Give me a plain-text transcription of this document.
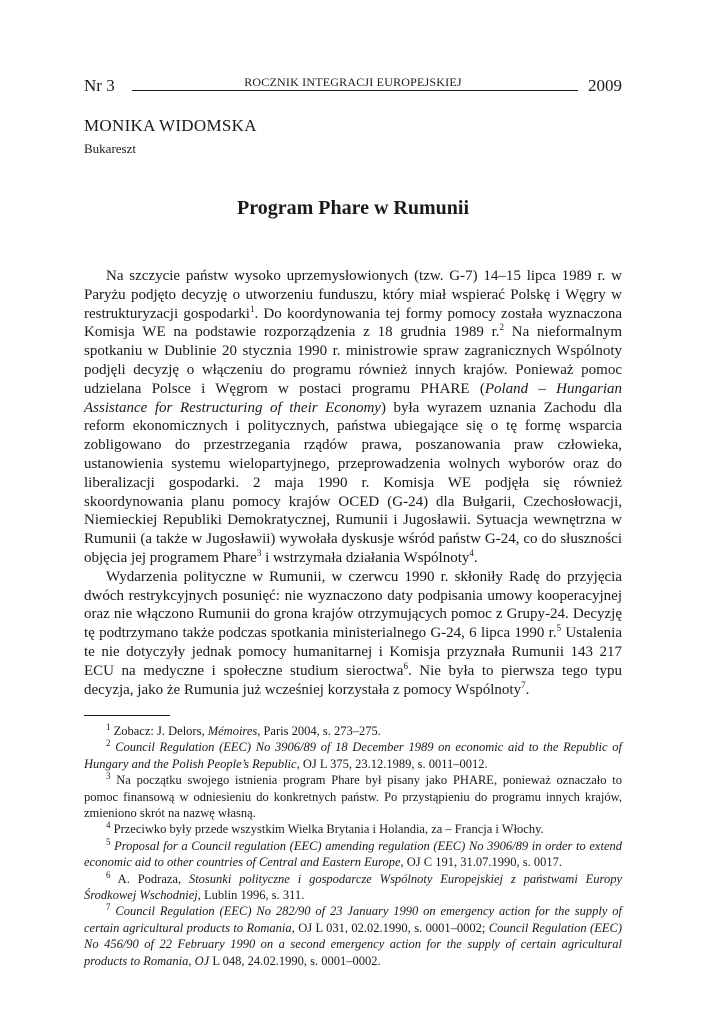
Nr 3	ROCZNIK INTEGRACJI EUROPEJSKIEJ	2009
MONIKA WIDOMSKA
Bukareszt
Program Phare w Rumunii

Na szczycie państw wysoko uprzemysłowionych (tzw. G-7) 14–15 lipca 1989 r. w Paryżu podjęto decyzję o utworzeniu funduszu, który miał wspierać Polskę i Węgry w restrukturyzacji gospodarki$^1$. Do koordynowania tej formy pomocy została wyznaczona Komisja WE na podstawie rozporządzenia z 18 grudnia 1989 r.$^2$ Na nieformalnym spotkaniu w Dublinie 20 stycznia 1990 r. ministrowie spraw zagranicznych Wspólnoty podjęli decyzję o włączeniu do programu również innych krajów. Ponieważ pomoc udzielana Polsce i Węgrom w postaci programu PHARE (Poland – Hungarian Assistance for Restructuring of their Economy) była wyrazem uznania Zachodu dla reform ekonomicznych i politycznych, państwa ubiegające się o tę formę wsparcia zobligowano do przestrzegania rządów prawa, poszanowania praw człowieka, ustanowienia systemu wielopartyjnego, przeprowadzenia wolnych wyborów oraz do liberalizacji gospodarki. 2 maja 1990 r. Komisja WE podjęła się również skoordynowania planu pomocy krajów OCED (G-24) dla Bułgarii, Czechosłowacji, Niemieckiej Republiki Demokratycznej, Rumunii i Jugosławii. Sytuacja wewnętrzna w Rumunii (a także w Jugosławii) wywołała dyskusje wśród państw G-24, co do słuszności objęcia jej programem Phare$^3$ i wstrzymała działania Wspólnoty$^4$.

Wydarzenia polityczne w Rumunii, w czerwcu 1990 r. skłoniły Radę do przyjęcia dwóch restrykcyjnych posunięć: nie wyznaczono daty podpisania umowy kooperacyjnej oraz nie włączono Rumunii do grona krajów otrzymujących pomoc z Grupy-24. Decyzję tę podtrzymano także podczas spotkania ministerialnego G-24, 6 lipca 1990 r.$^5$ Ustalenia te nie dotyczyły jednak pomocy humanitarnej i Komisja przyznała Rumunii 143 217 ECU na medyczne i społeczne studium sieroctwa$^6$. Nie była to pierwsza tego typu decyzja, jako że Rumunia już wcześniej korzystała z pomocy Wspólnoty$^7$.

$^1$ Zobacz: J. Delors, Mémoires, Paris 2004, s. 273–275.

$^2$ Council Regulation (EEC) No 3906/89 of 18 December 1989 on economic aid to the Republic of Hungary and the Polish People’s Republic, OJ L 375, 23.12.1989, s. 0011–0012.

$^3$ Na początku swojego istnienia program Phare był pisany jako PHARE, ponieważ oznaczało to pomoc finansową w odniesieniu do konkretnych państw. Po przystąpieniu do programu innych krajów, zmieniono skrót na nazwę własną.

$^4$ Przeciwko były przede wszystkim Wielka Brytania i Holandia, za – Francja i Włochy.

$^5$ Proposal for a Council regulation (EEC) amending regulation (EEC) No 3906/89 in order to extend economic aid to other countries of Central and Eastern Europe, OJ C 191, 31.07.1990, s. 0017.

$^6$ A. Podraza, Stosunki polityczne i gospodarcze Wspólnoty Europejskiej z państwami Europy Środkowej Wschodniej, Lublin 1996, s. 311.

$^7$ Council Regulation (EEC) No 282/90 of 23 January 1990 on emergency action for the supply of certain agricultural products to Romania, OJ L 031, 02.02.1990, s. 0001–0002; Council Regulation (EEC) No 456/90 of 22 February 1990 on a second emergency action for the supply of certain agricultural products to Romania, OJ L 048, 24.02.1990, s. 0001–0002.
